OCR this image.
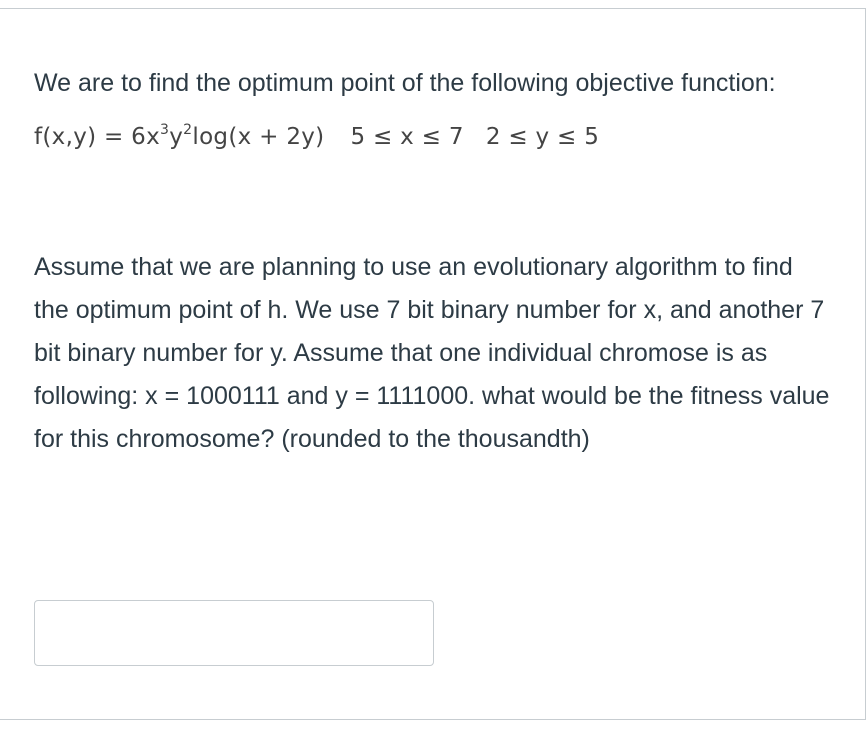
We are to find the optimum point of the following objective function:

$f(x,y) = 6x^3y^2\log(x + 2y) 5 \le x \le 7$ 2 ≤ y ≤ 5

Assume that we are planning to use an evolutionary algorithm to find the optimum point of h. We use 7 bit binary number for x, and another 7 bit binary number for y. Assume that one individual chromose is as following: x = 1000111 and y = 1111000. what would be the fitness value for this chromosome? (rounded to the thousandth)
